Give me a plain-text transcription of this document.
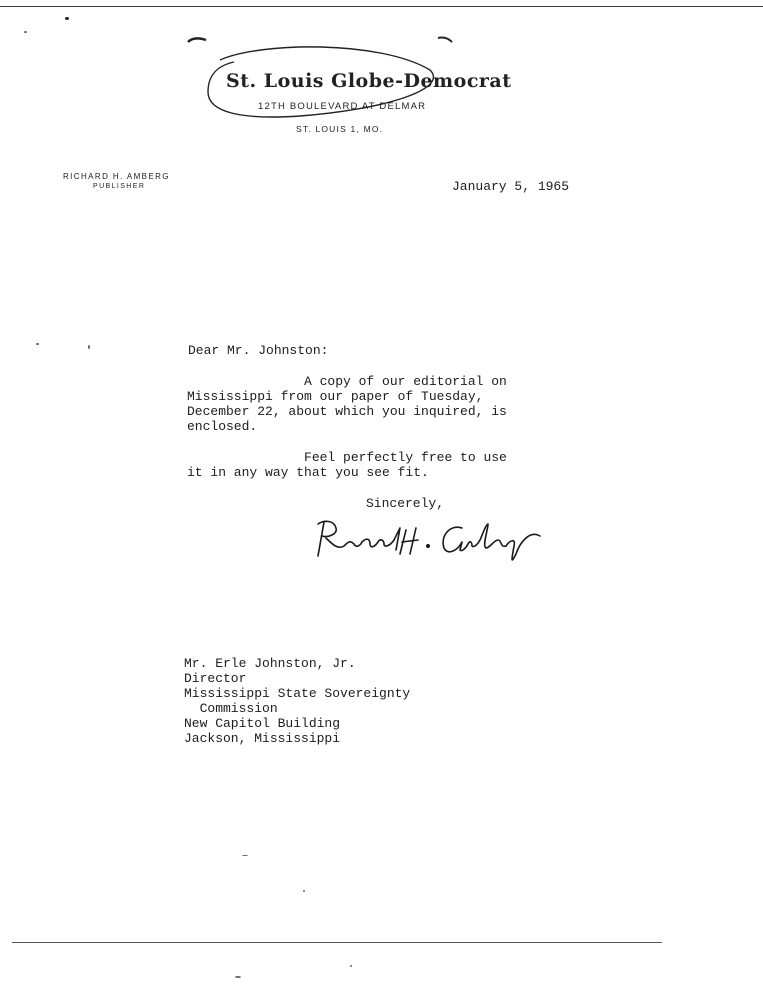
St. Louis Globe-Democrat
12TH BOULEVARD AT DELMAR
ST. LOUIS 1, MO.
RICHARD H. AMBERG
PUBLISHER	January 5, 1965
Dear Mr. Johnston:
A copy of our editorial on
Mississippi from our paper of Tuesday,
December 22, about which you inquired, is
enclosed.
Feel perfectly free to use
it in any way that you see fit.
Sincerely,
Mr. Erle Johnston, Jr.
Director
Mississippi State Sovereignty
Commission
New Capitol Building
Jackson, Mississippi
